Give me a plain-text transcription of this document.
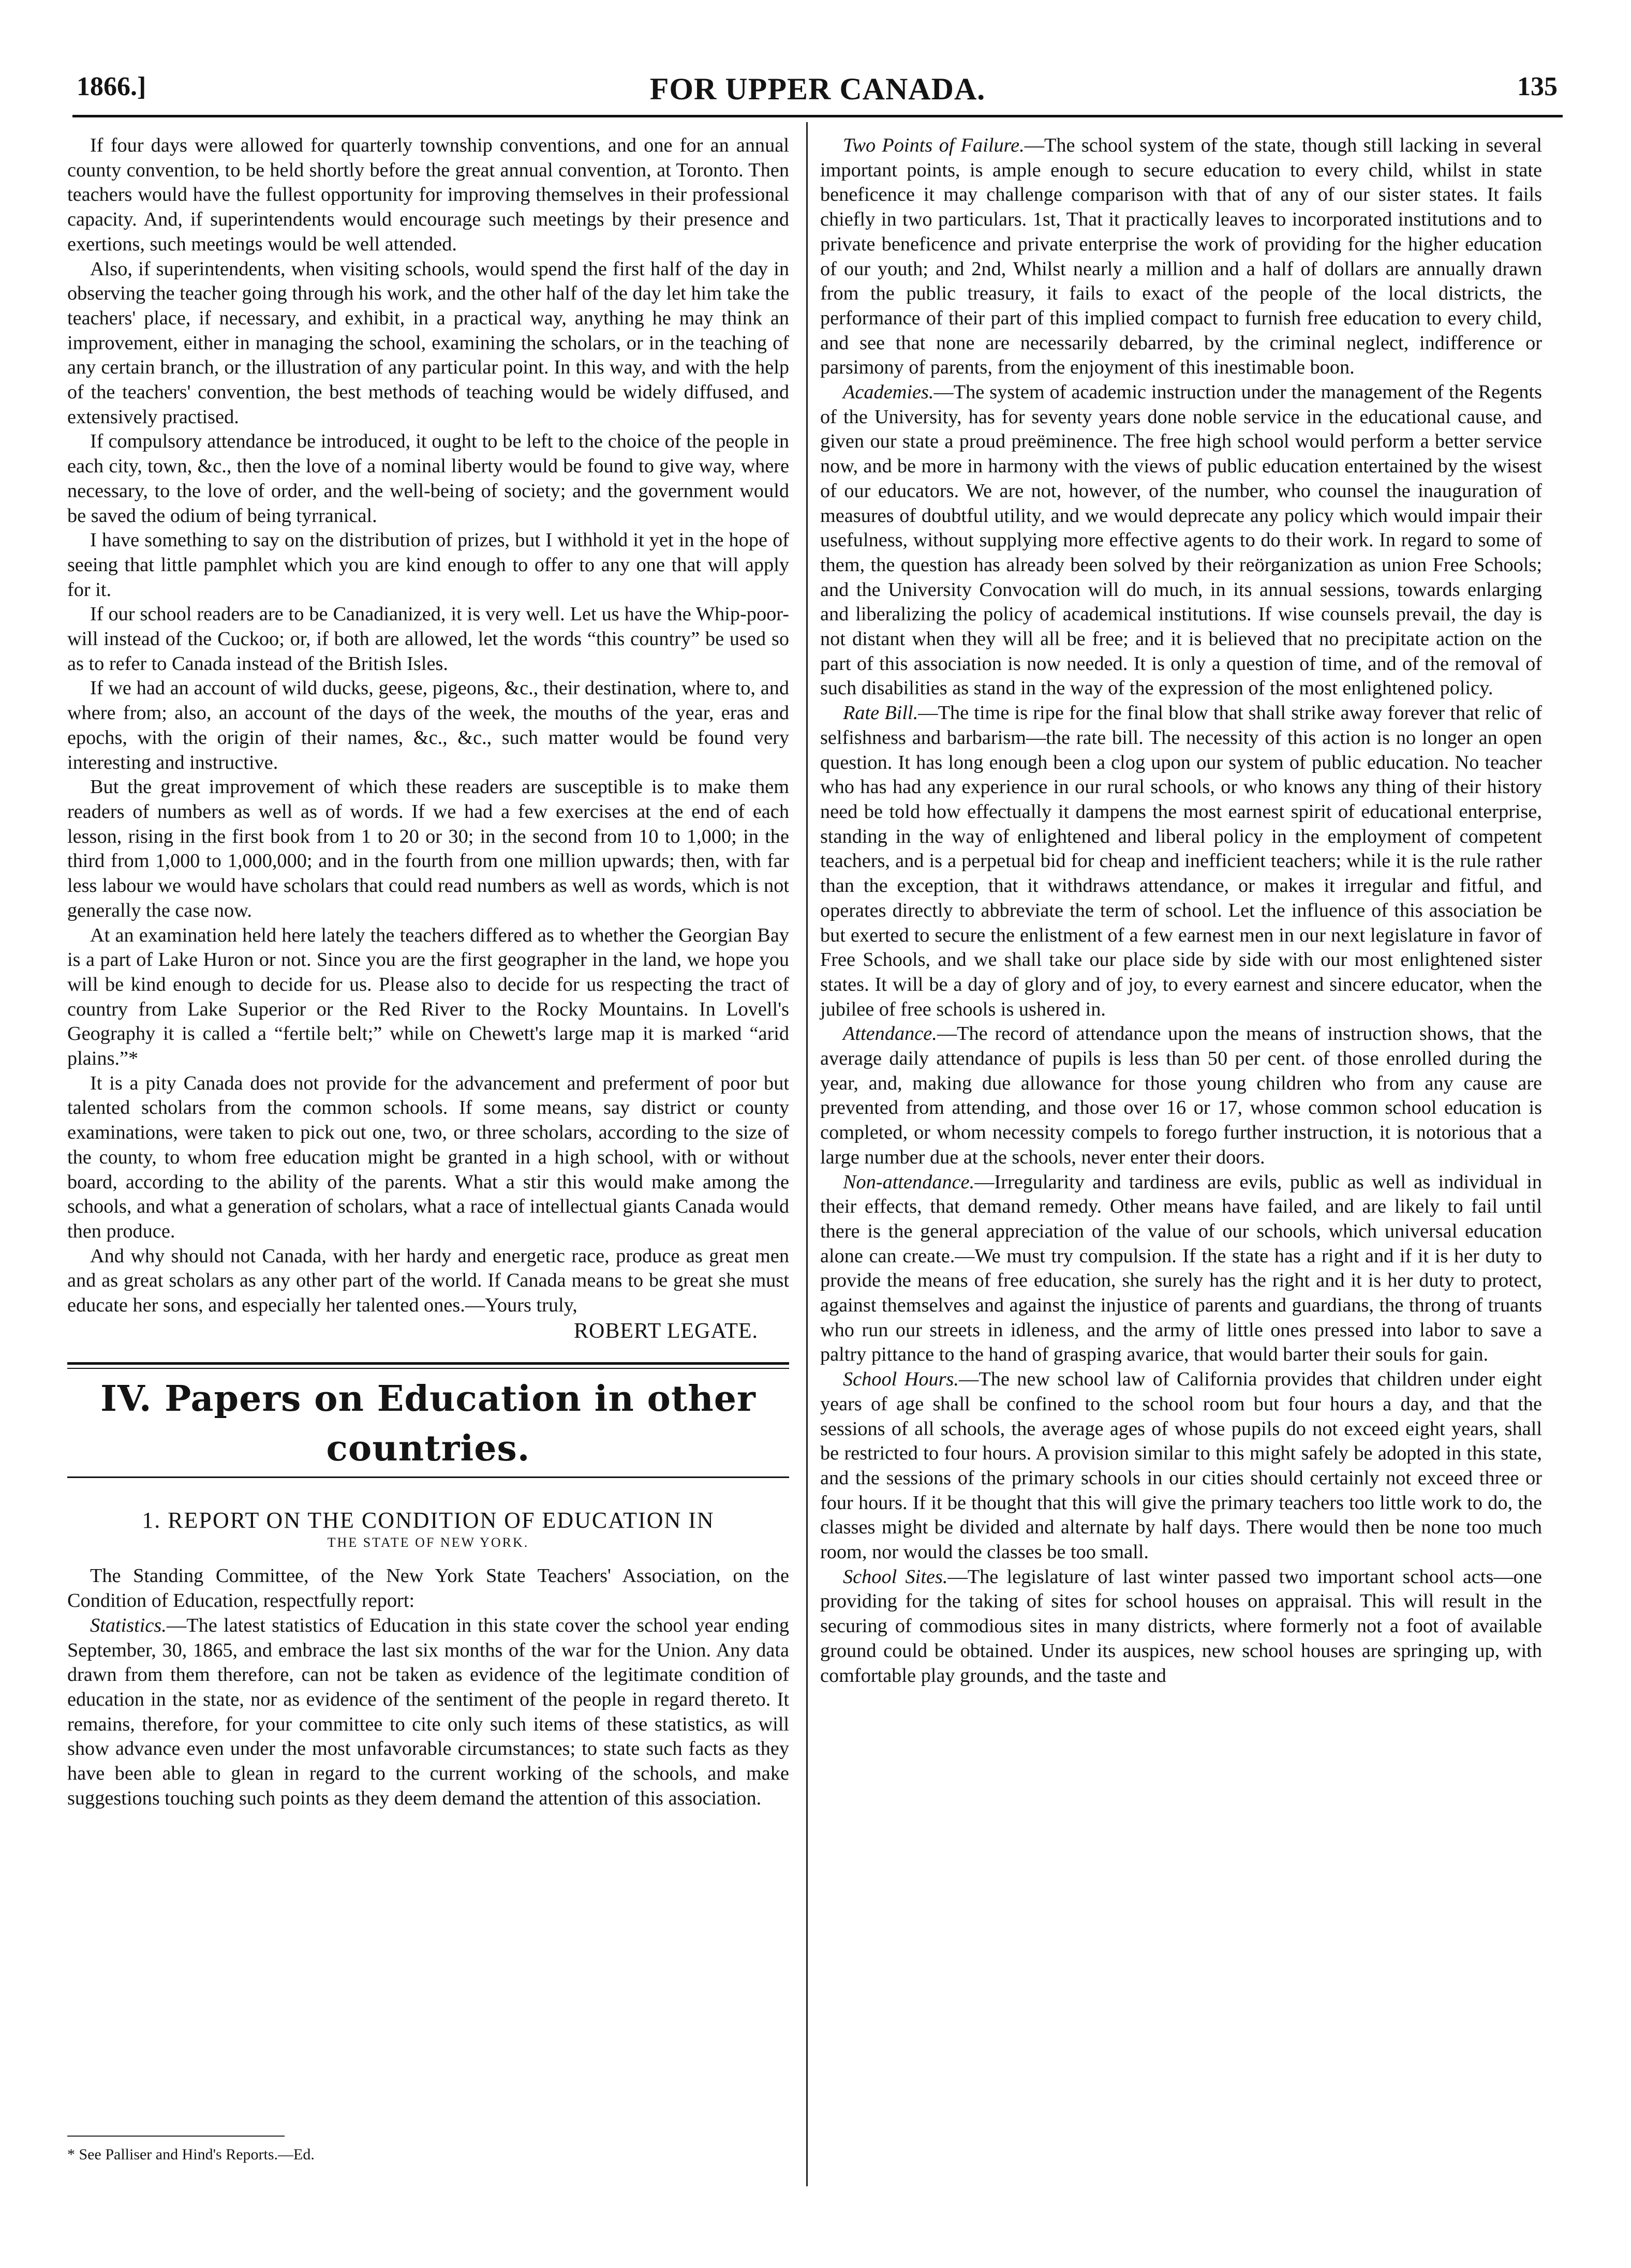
1866.]	FOR UPPER CANADA.	135

If four days were allowed for quarterly township conventions, and one for an annual county convention, to be held shortly before the great annual convention, at Toronto. Then teachers would have the fullest opportunity for improving themselves in their professional capacity. And, if superintendents would encourage such meetings by their presence and exertions, such meetings would be well attended.

Also, if superintendents, when visiting schools, would spend the first half of the day in observing the teacher going through his work, and the other half of the day let him take the teachers' place, if necessary, and exhibit, in a practical way, anything he may think an improvement, either in managing the school, examining the scholars, or in the teaching of any certain branch, or the illustration of any particular point. In this way, and with the help of the teachers' convention, the best methods of teaching would be widely diffused, and extensively practised.

If compulsory attendance be introduced, it ought to be left to the choice of the people in each city, town, &c., then the love of a nominal liberty would be found to give way, where necessary, to the love of order, and the well-being of society; and the government would be saved the odium of being tyrranical.

I have something to say on the distribution of prizes, but I withhold it yet in the hope of seeing that little pamphlet which you are kind enough to offer to any one that will apply for it.

If our school readers are to be Canadianized, it is very well. Let us have the Whip-poor-will instead of the Cuckoo; or, if both are allowed, let the words “this country” be used so as to refer to Canada instead of the British Isles.

If we had an account of wild ducks, geese, pigeons, &c., their destination, where to, and where from; also, an account of the days of the week, the mouths of the year, eras and epochs, with the origin of their names, &c., &c., such matter would be found very interesting and instructive.

But the great improvement of which these readers are susceptible is to make them readers of numbers as well as of words. If we had a few exercises at the end of each lesson, rising in the first book from 1 to 20 or 30; in the second from 10 to 1,000; in the third from 1,000 to 1,000,000; and in the fourth from one million upwards; then, with far less labour we would have scholars that could read numbers as well as words, which is not generally the case now.

At an examination held here lately the teachers differed as to whether the Georgian Bay is a part of Lake Huron or not. Since you are the first geographer in the land, we hope you will be kind enough to decide for us. Please also to decide for us respecting the tract of country from Lake Superior or the Red River to the Rocky Mountains. In Lovell's Geography it is called a “fertile belt;” while on Chewett's large map it is marked “arid plains.”*

It is a pity Canada does not provide for the advancement and preferment of poor but talented scholars from the common schools. If some means, say district or county examinations, were taken to pick out one, two, or three scholars, according to the size of the county, to whom free education might be granted in a high school, with or without board, according to the ability of the parents. What a stir this would make among the schools, and what a generation of scholars, what a race of intellectual giants Canada would then produce.

And why should not Canada, with her hardy and energetic race, produce as great men and as great scholars as any other part of the world. If Canada means to be great she must educate her sons, and especially her talented ones.—Yours truly,

ROBERT LEGATE.
IV. Papers on Education in other countries.
1. REPORT ON THE CONDITION OF EDUCATION IN
THE STATE OF NEW YORK.

The Standing Committee, of the New York State Teachers' Association, on the Condition of Education, respectfully report:

Statistics.—The latest statistics of Education in this state cover the school year ending September, 30, 1865, and embrace the last six months of the war for the Union. Any data drawn from them therefore, can not be taken as evidence of the legitimate condition of education in the state, nor as evidence of the sentiment of the people in regard thereto. It remains, therefore, for your committee to cite only such items of these statistics, as will show advance even under the most unfavorable circumstances; to state such facts as they have been able to glean in regard to the current working of the schools, and make suggestions touching such points as they deem demand the attention of this association.

* See Palliser and Hind's Reports.—Ed.

Two Points of Failure.—The school system of the state, though still lacking in several important points, is ample enough to secure education to every child, whilst in state beneficence it may challenge comparison with that of any of our sister states. It fails chiefly in two particulars. 1st, That it practically leaves to incorporated institutions and to private beneficence and private enterprise the work of providing for the higher education of our youth; and 2nd, Whilst nearly a million and a half of dollars are annually drawn from the public treasury, it fails to exact of the people of the local districts, the performance of their part of this implied compact to furnish free education to every child, and see that none are necessarily debarred, by the criminal neglect, indifference or parsimony of parents, from the enjoyment of this inestimable boon.

Academies.—The system of academic instruction under the management of the Regents of the University, has for seventy years done noble service in the educational cause, and given our state a proud preëminence. The free high school would perform a better service now, and be more in harmony with the views of public education entertained by the wisest of our educators. We are not, however, of the number, who counsel the inauguration of measures of doubtful utility, and we would deprecate any policy which would impair their usefulness, without supplying more effective agents to do their work. In regard to some of them, the question has already been solved by their reörganization as union Free Schools; and the University Convocation will do much, in its annual sessions, towards enlarging and liberalizing the policy of academical institutions. If wise counsels prevail, the day is not distant when they will all be free; and it is believed that no precipitate action on the part of this association is now needed. It is only a question of time, and of the removal of such disabilities as stand in the way of the expression of the most enlightened policy.

Rate Bill.—The time is ripe for the final blow that shall strike away forever that relic of selfishness and barbarism—the rate bill. The necessity of this action is no longer an open question. It has long enough been a clog upon our system of public education. No teacher who has had any experience in our rural schools, or who knows any thing of their history need be told how effectually it dampens the most earnest spirit of educational enterprise, standing in the way of enlightened and liberal policy in the employment of competent teachers, and is a perpetual bid for cheap and inefficient teachers; while it is the rule rather than the exception, that it withdraws attendance, or makes it irregular and fitful, and operates directly to abbreviate the term of school. Let the influence of this association be but exerted to secure the enlistment of a few earnest men in our next legislature in favor of Free Schools, and we shall take our place side by side with our most enlightened sister states. It will be a day of glory and of joy, to every earnest and sincere educator, when the jubilee of free schools is ushered in.

Attendance.—The record of attendance upon the means of instruction shows, that the average daily attendance of pupils is less than 50 per cent. of those enrolled during the year, and, making due allowance for those young children who from any cause are prevented from attending, and those over 16 or 17, whose common school education is completed, or whom necessity compels to forego further instruction, it is notorious that a large number due at the schools, never enter their doors.

Non-attendance.—Irregularity and tardiness are evils, public as well as individual in their effects, that demand remedy. Other means have failed, and are likely to fail until there is the general appreciation of the value of our schools, which universal education alone can create.—We must try compulsion. If the state has a right and if it is her duty to provide the means of free education, she surely has the right and it is her duty to protect, against themselves and against the injustice of parents and guardians, the throng of truants who run our streets in idleness, and the army of little ones pressed into labor to save a paltry pittance to the hand of grasping avarice, that would barter their souls for gain.

School Hours.—The new school law of California provides that children under eight years of age shall be confined to the school room but four hours a day, and that the sessions of all schools, the average ages of whose pupils do not exceed eight years, shall be restricted to four hours. A provision similar to this might safely be adopted in this state, and the sessions of the primary schools in our cities should certainly not exceed three or four hours. If it be thought that this will give the primary teachers too little work to do, the classes might be divided and alternate by half days. There would then be none too much room, nor would the classes be too small.

School Sites.—The legislature of last winter passed two important school acts—one providing for the taking of sites for school houses on appraisal. This will result in the securing of commodious sites in many districts, where formerly not a foot of available ground could be obtained. Under its auspices, new school houses are springing up, with comfortable play grounds, and the taste and
